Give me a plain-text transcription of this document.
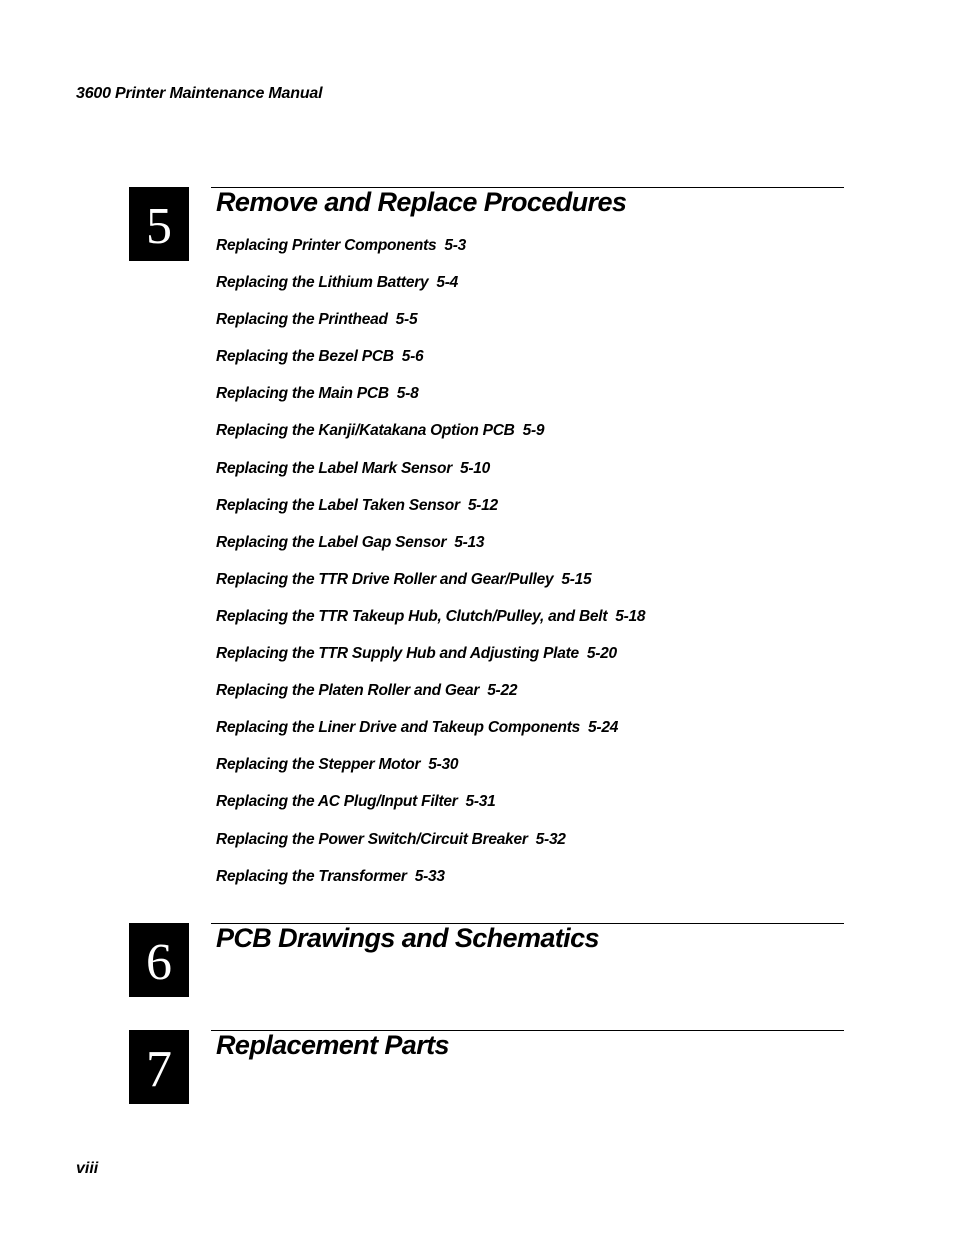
3600 Printer Maintenance Manual
5	Remove and Replace Procedures
Replacing Printer Components 5-3
Replacing the Lithium Battery 5-4
Replacing the Printhead 5-5
Replacing the Bezel PCB 5-6
Replacing the Main PCB 5-8
Replacing the Kanji/Katakana Option PCB 5-9
Replacing the Label Mark Sensor 5-10
Replacing the Label Taken Sensor 5-12
Replacing the Label Gap Sensor 5-13
Replacing the TTR Drive Roller and Gear/Pulley 5-15
Replacing the TTR Takeup Hub, Clutch/Pulley, and Belt 5-18
Replacing the TTR Supply Hub and Adjusting Plate 5-20
Replacing the Platen Roller and Gear 5-22
Replacing the Liner Drive and Takeup Components 5-24
Replacing the Stepper Motor 5-30
Replacing the AC Plug/Input Filter 5-31
Replacing the Power Switch/Circuit Breaker 5-32
Replacing the Transformer 5-33
6	PCB Drawings and Schematics
7	Replacement Parts
viii
